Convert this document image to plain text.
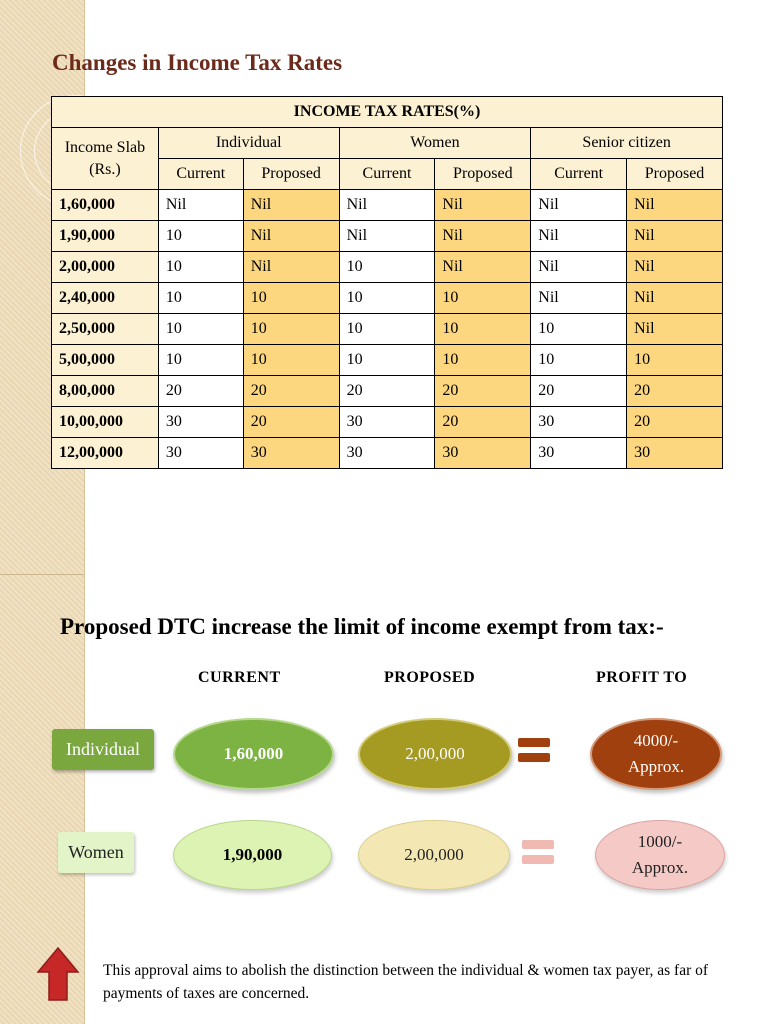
Changes in Income Tax Rates
INCOME TAX RATES(%)						
Income Slab (Rs.)	Individual		Women		Senior citizen	
	Current	Proposed	Current	Proposed	Current	Proposed
1,60,000	Nil	Nil	Nil	Nil	Nil	Nil
1,90,000	10	Nil	Nil	Nil	Nil	Nil
2,00,000	10	Nil	10	Nil	Nil	Nil
2,40,000	10	10	10	10	Nil	Nil
2,50,000	10	10	10	10	10	Nil
5,00,000	10	10	10	10	10	10
8,00,000	20	20	20	20	20	20
10,00,000	30	20	30	20	30	20
12,00,000	30	30	30	30	30	30
Proposed DTC increase the limit of income exempt from tax:-
CURRENT	PROPOSED	PROFIT TO
Individual	1,60,000	2,00,000
4000/-
Approx.
Women	1,90,000	2,00,000
1000/-
Approx.

This approval aims to abolish the distinction between the individual & women tax payer, as far of payments of taxes are concerned.
